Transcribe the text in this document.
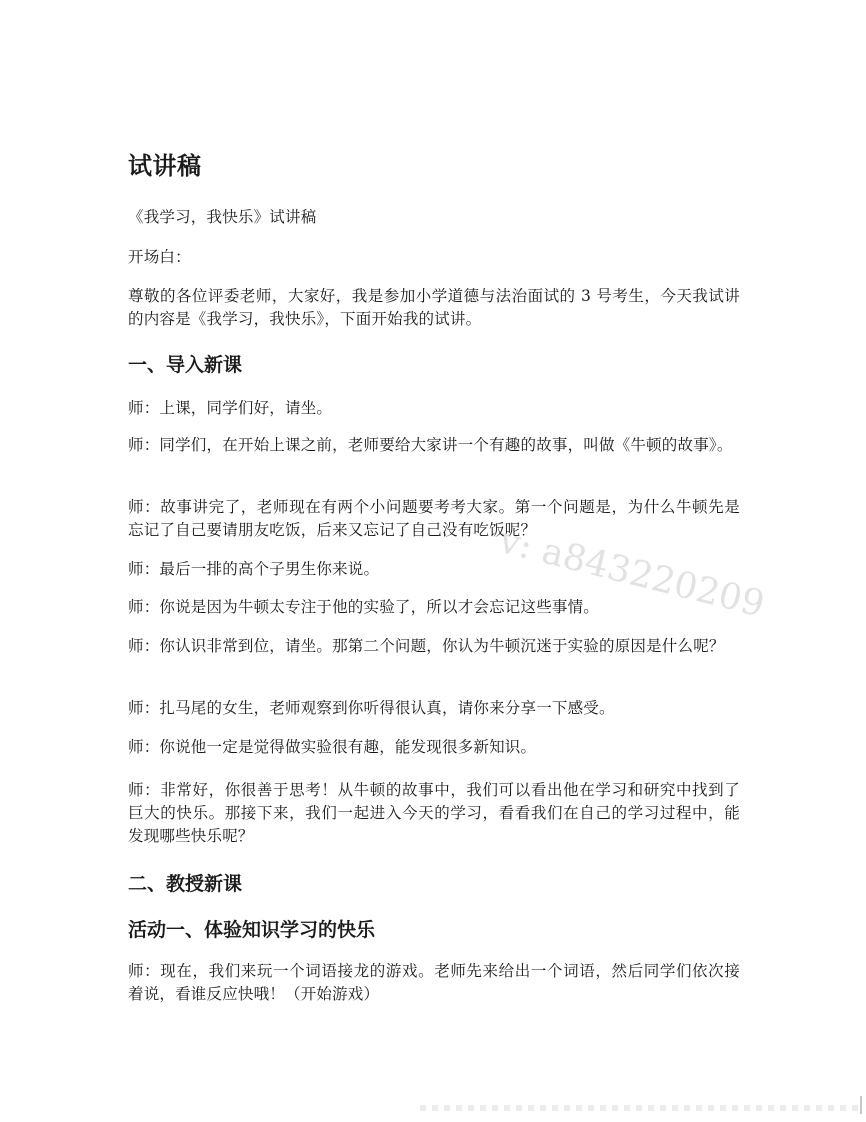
试讲稿

《我学习，我快乐》试讲稿

开场白：

尊敬的各位评委老师，大家好，我是参加小学道德与法治面试的 3 号考生，今天我试讲的内容是《我学习，我快乐》，下面开始我的试讲。

一、导入新课

师：上课，同学们好，请坐。

师：同学们，在开始上课之前，老师要给大家讲一个有趣的故事，叫做《牛顿的故事》。

师：故事讲完了，老师现在有两个小问题要考考大家。第一个问题是，为什么牛顿先是忘记了自己要请朋友吃饭，后来又忘记了自己没有吃饭呢？

师：最后一排的高个子男生你来说。

师：你说是因为牛顿太专注于他的实验了，所以才会忘记这些事情。

师：你认识非常到位，请坐。那第二个问题，你认为牛顿沉迷于实验的原因是什么呢？

师：扎马尾的女生，老师观察到你听得很认真，请你来分享一下感受。

师：你说他一定是觉得做实验很有趣，能发现很多新知识。

师：非常好，你很善于思考！从牛顿的故事中，我们可以看出他在学习和研究中找到了巨大的快乐。那接下来，我们一起进入今天的学习，看看我们在自己的学习过程中，能发现哪些快乐呢？

二、教授新课
活动一、体验知识学习的快乐

师：现在，我们来玩一个词语接龙的游戏。老师先来给出一个词语，然后同学们依次接着说，看谁反应快哦！（开始游戏）

v: a843220209
